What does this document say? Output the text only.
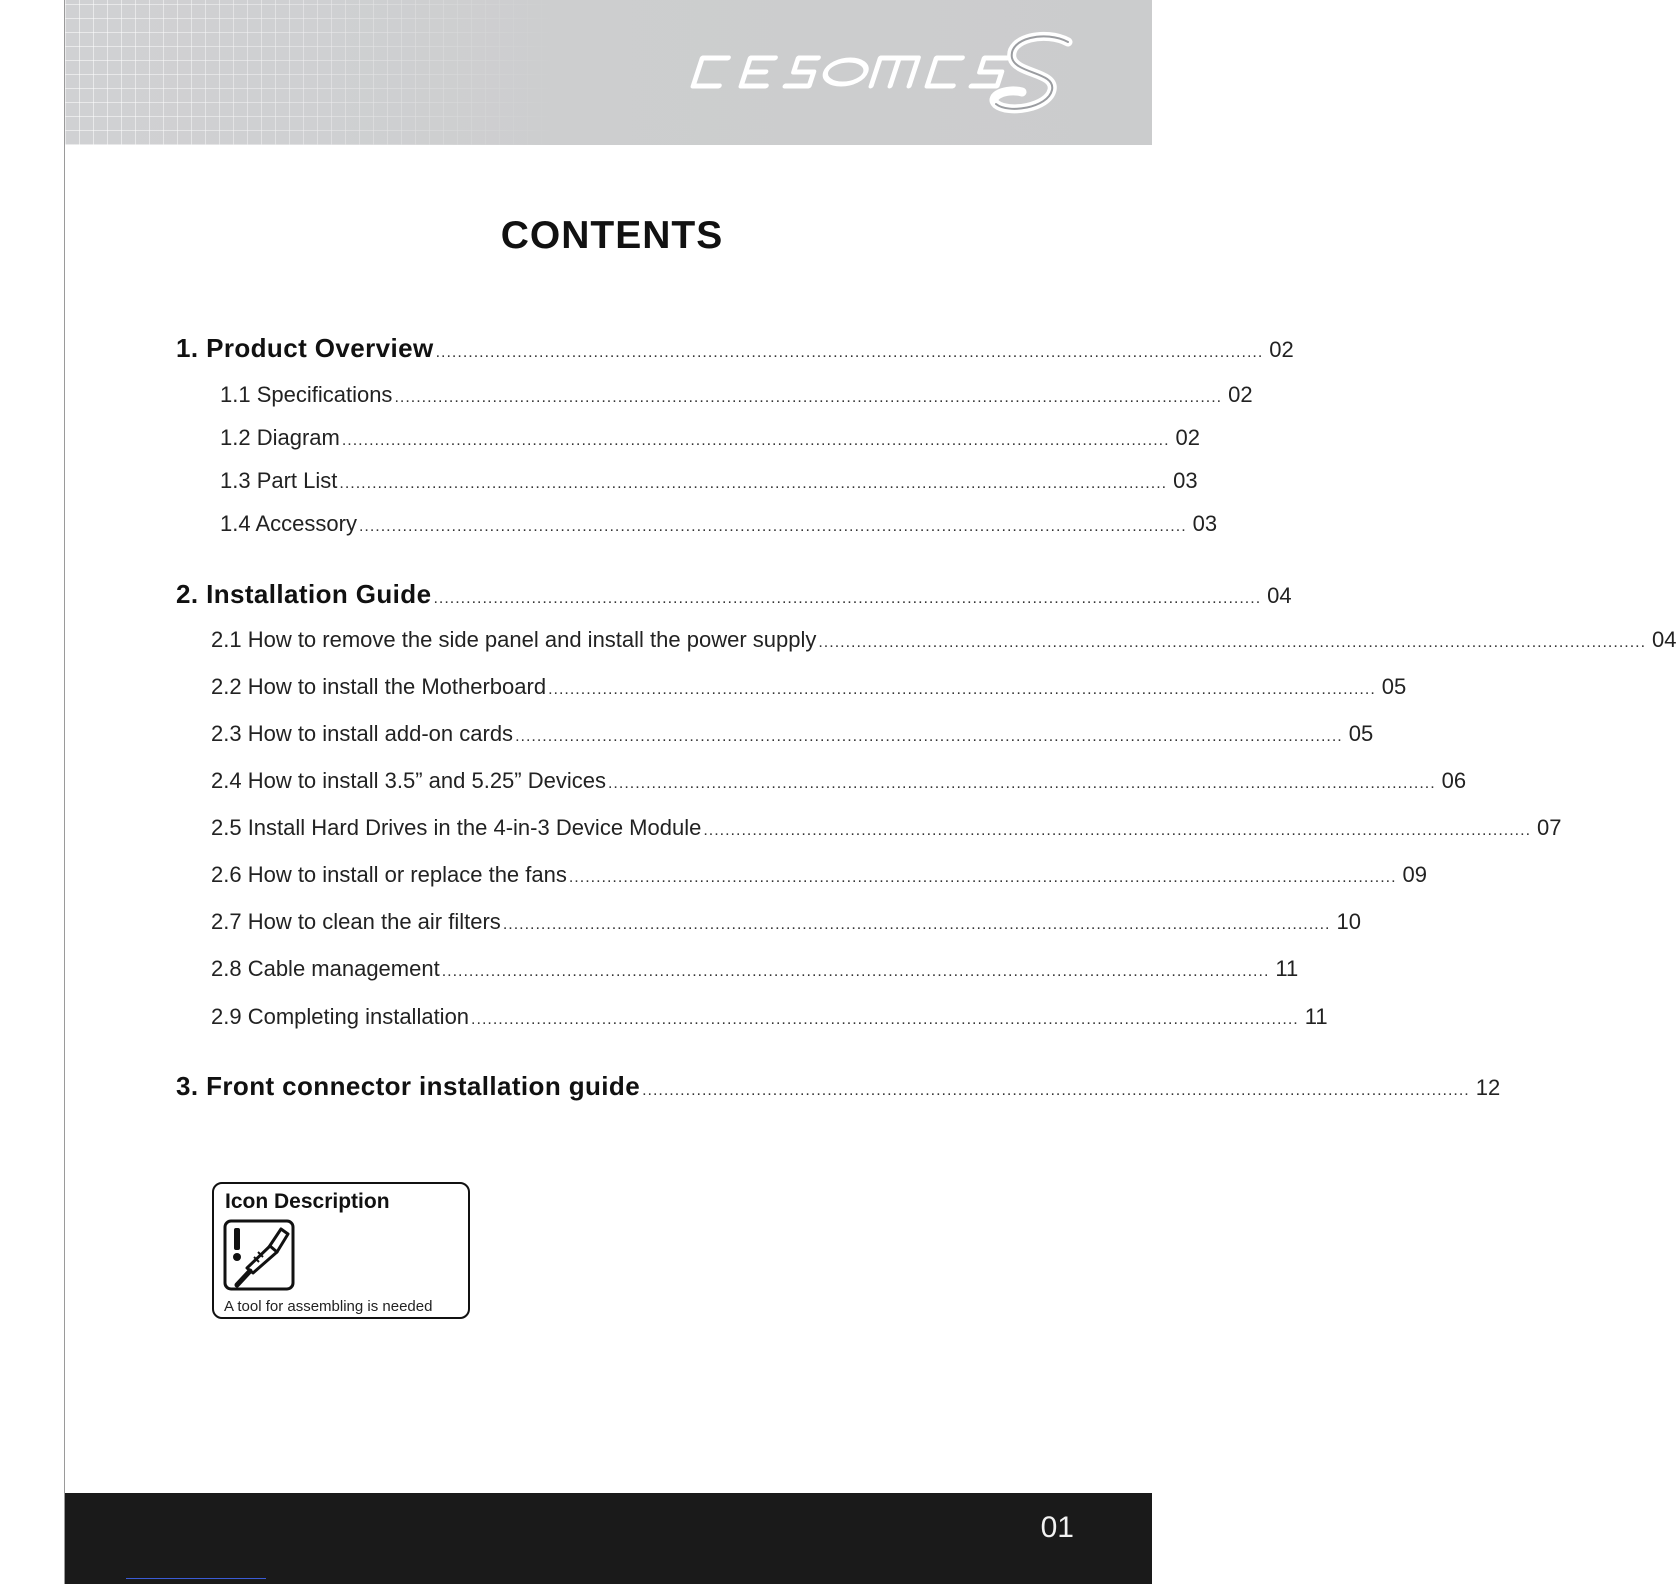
CONTENTS
1. Product Overview ........................................................................................................................................................ 02
1.1 Specifications ........................................................................................................................................................ 02
1.2 Diagram ........................................................................................................................................................ 02
1.3 Part List ........................................................................................................................................................ 03
1.4 Accessory ........................................................................................................................................................ 03
2. Installation Guide ........................................................................................................................................................ 04
2.1 How to remove the side panel and install the power supply ........................................................................................................................................................ 04
2.2 How to install the Motherboard ........................................................................................................................................................ 05
2.3 How to install add-on cards ........................................................................................................................................................ 05
2.4 How to install 3.5” and 5.25” Devices ........................................................................................................................................................ 06
2.5 Install Hard Drives in the 4-in-3 Device Module ........................................................................................................................................................ 07
2.6 How to install or replace the fans ........................................................................................................................................................ 09
2.7 How to clean the air filters ........................................................................................................................................................ 10
2.8 Cable management ........................................................................................................................................................ 11
2.9 Completing installation ........................................................................................................................................................ 11
3. Front connector installation guide ........................................................................................................................................................ 12
Icon Description
A tool for assembling is needed
01
